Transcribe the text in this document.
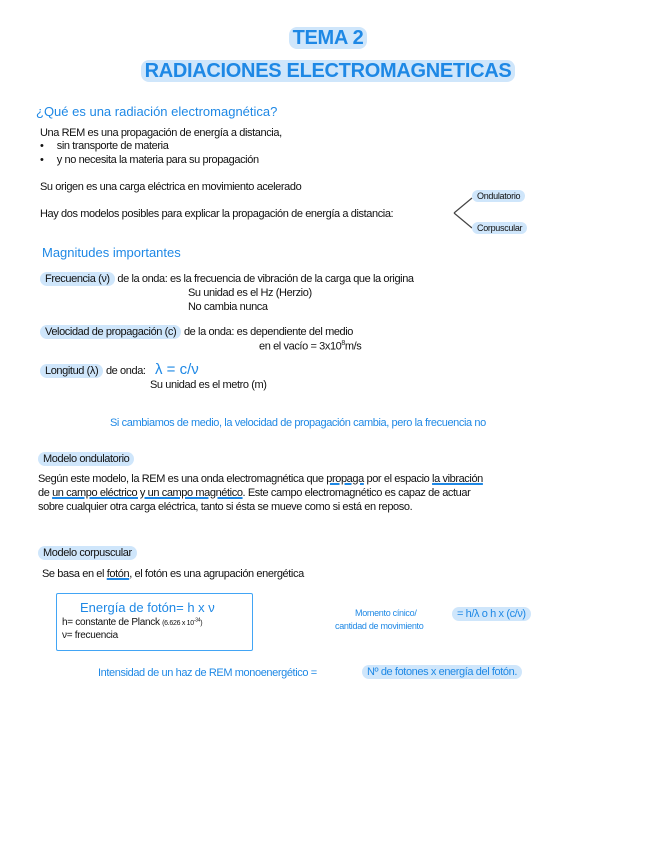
TEMA 2
RADIACIONES ELECTROMAGNETICAS
¿Qué es una radiación electromagnética?
Una REM es una propagación de energía a distancia,
•     sin transporte de materia
•     y no necesita la materia para su propagación
Su origen es una carga eléctrica en movimiento acelerado
Hay dos modelos posibles para explicar la propagación de energía a distancia:
Ondulatorio
Corpuscular
Magnitudes importantes
Frecuencia (ν) de la onda: es la frecuencia de vibración de la carga que la origina
Su unidad es el Hz (Herzio)
No cambia nunca
Velocidad de propagación (c) de la onda: es dependiente del medio
en el vacío = $3x10^8m/s$
Longitud (λ) de onda: λ = c/ν
Su unidad es el metro (m)
Si cambiamos de medio, la velocidad de propagación cambia, pero la frecuencia no
Modelo ondulatorio
Según este modelo, la REM es una onda electromagnética que propaga por el espacio la vibración
de un campo eléctrico y un campo magnético. Este campo electromagnético es capaz de actuar
sobre cualquier otra carga eléctrica, tanto si ésta se mueve como si está en reposo.
Modelo corpuscular
Se basa en el fotón, el fotón es una agrupación energética
Energía de fotón= h x ν
h= constante de Planck (6.626 x $10^{-34}$)
ν= frecuencia
Momento cínico/
cantidad de movimiento
= h/λ o h x (c/ν)
Intensidad de un haz de REM monoenergético =	Nº de fotones x energía del fotón.
